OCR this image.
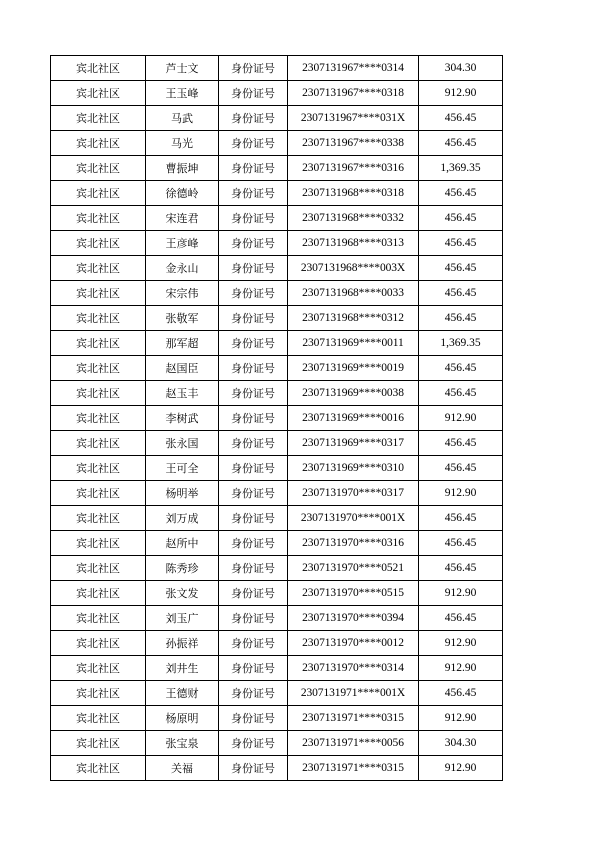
宾北社区	芦士文	身份证号	2307131967****0314	304.30
宾北社区	王玉峰	身份证号	2307131967****0318	912.90
宾北社区	马武	身份证号	2307131967****031X	456.45
宾北社区	马光	身份证号	2307131967****0338	456.45
宾北社区	曹振坤	身份证号	2307131967****0316	1,369.35
宾北社区	徐德岭	身份证号	2307131968****0318	456.45
宾北社区	宋连君	身份证号	2307131968****0332	456.45
宾北社区	王彦峰	身份证号	2307131968****0313	456.45
宾北社区	金永山	身份证号	2307131968****003X	456.45
宾北社区	宋宗伟	身份证号	2307131968****0033	456.45
宾北社区	张敬军	身份证号	2307131968****0312	456.45
宾北社区	那军超	身份证号	2307131969****0011	1,369.35
宾北社区	赵国臣	身份证号	2307131969****0019	456.45
宾北社区	赵玉丰	身份证号	2307131969****0038	456.45
宾北社区	李树武	身份证号	2307131969****0016	912.90
宾北社区	张永国	身份证号	2307131969****0317	456.45
宾北社区	王可全	身份证号	2307131969****0310	456.45
宾北社区	杨明举	身份证号	2307131970****0317	912.90
宾北社区	刘万成	身份证号	2307131970****001X	456.45
宾北社区	赵所中	身份证号	2307131970****0316	456.45
宾北社区	陈秀珍	身份证号	2307131970****0521	456.45
宾北社区	张文发	身份证号	2307131970****0515	912.90
宾北社区	刘玉广	身份证号	2307131970****0394	456.45
宾北社区	孙振祥	身份证号	2307131970****0012	912.90
宾北社区	刘井生	身份证号	2307131970****0314	912.90
宾北社区	王德财	身份证号	2307131971****001X	456.45
宾北社区	杨原明	身份证号	2307131971****0315	912.90
宾北社区	张宝泉	身份证号	2307131971****0056	304.30
宾北社区	关福	身份证号	2307131971****0315	912.90
